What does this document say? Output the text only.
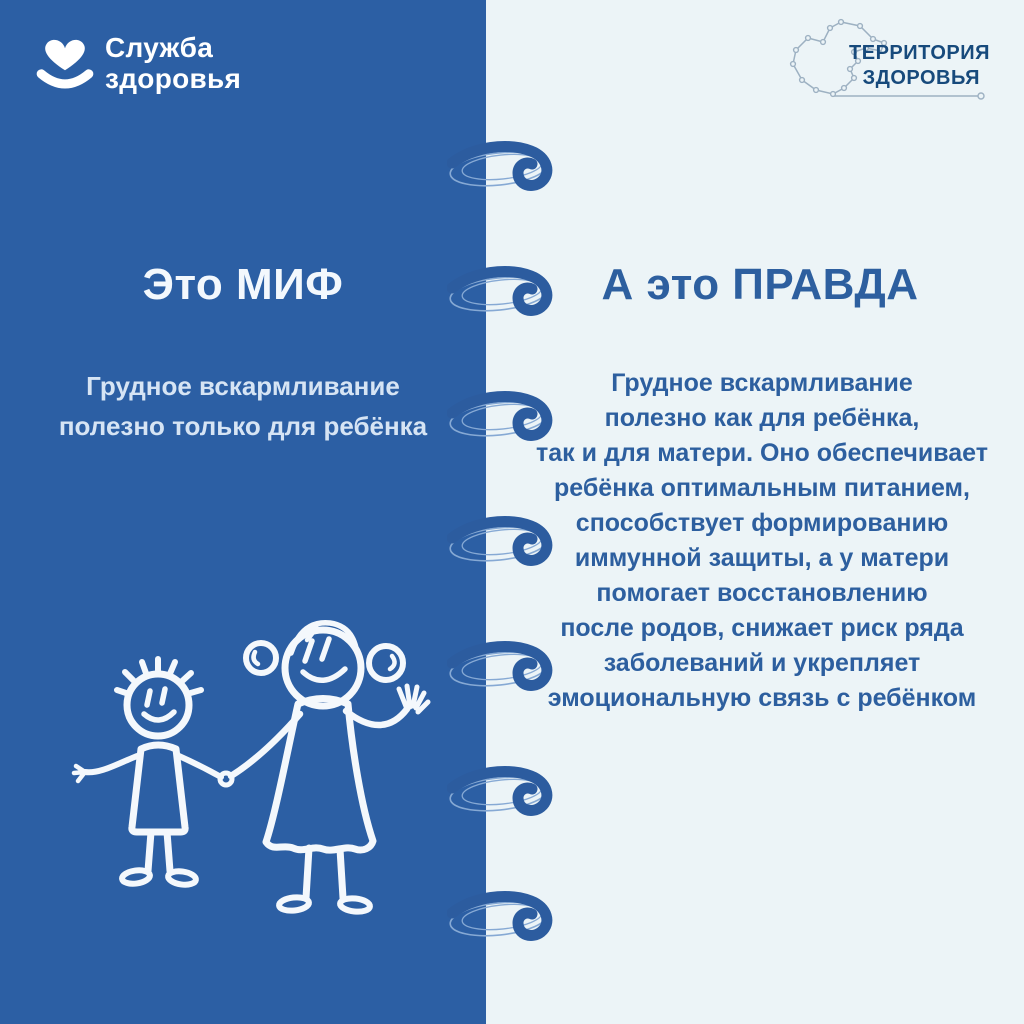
Служба
здоровья
ТЕРРИТОРИЯ
ЗДОРОВЬЯ
Это МИФ
Грудное вскармливание
полезно только для ребёнка
А это ПРАВДА
Грудное вскармливание
полезно как для ребёнка,
так и для матери. Оно обеспечивает
ребёнка оптимальным питанием,
способствует формированию
иммунной защиты, а у матери
помогает восстановлению
после родов, снижает риск ряда
заболеваний и укрепляет
эмоциональную связь с ребёнком
